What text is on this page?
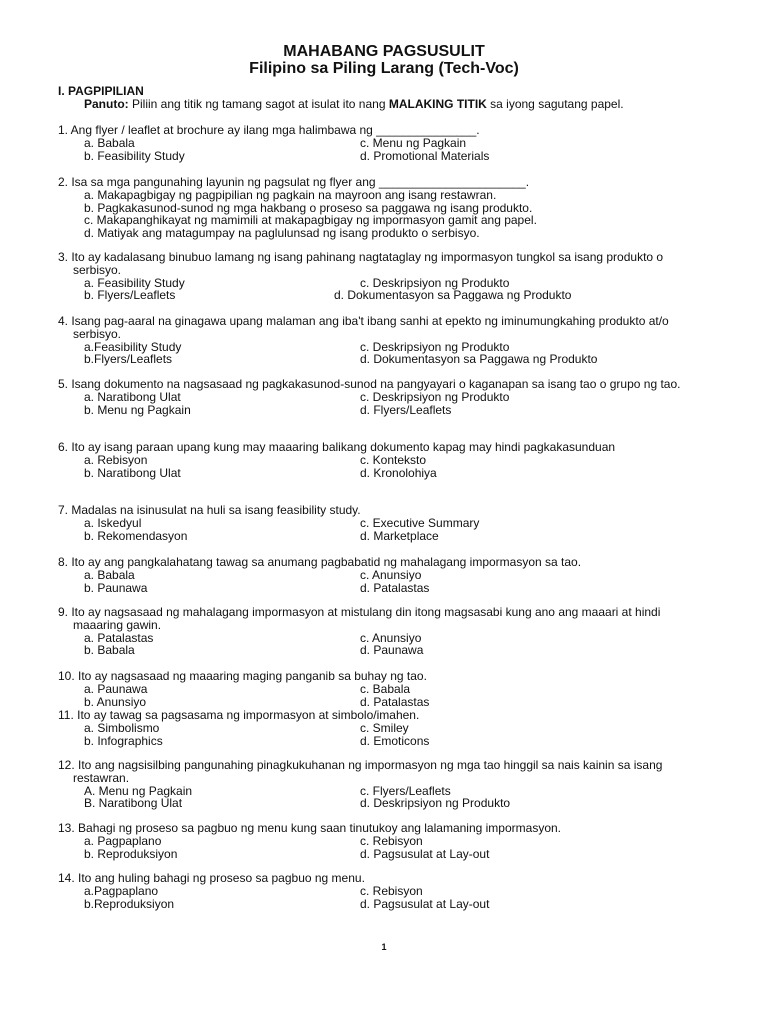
MAHABANG PAGSUSULIT
Filipino sa Piling Larang (Tech-Voc)
I. PAGPIPILIAN
Panuto: Piliin ang titik ng tamang sagot at isulat ito nang MALAKING TITIK sa iyong sagutang papel.
1. Ang flyer / leaflet at brochure ay ilang mga halimbawa ng _______________.
a. Babala	c. Menu ng Pagkain
b. Feasibility Study	d. Promotional Materials
2. Isa sa mga pangunahing layunin ng pagsulat ng flyer ang ______________________.
a. Makapagbigay ng pagpipilian ng pagkain na mayroon ang isang restawran.
b. Pagkakasunod-sunod ng mga hakbang o proseso sa paggawa ng isang produkto.
c. Makapanghikayat ng mamimili at makapagbigay ng impormasyon gamit ang papel.
d. Matiyak ang matagumpay na paglulunsad ng isang produkto o serbisyo.
3. Ito ay kadalasang binubuo lamang ng isang pahinang nagtataglay ng impormasyon tungkol sa isang produkto o serbisyo.
a. Feasibility Study	c. Deskripsiyon ng Produkto
b. Flyers/Leaflets	d. Dokumentasyon sa Paggawa ng Produkto
4. Isang pag-aaral na ginagawa upang malaman ang iba't ibang sanhi at epekto ng iminumungkahing produkto at/o serbisyo.
a.Feasibility Study	c. Deskripsiyon ng Produkto
b.Flyers/Leaflets	d. Dokumentasyon sa Paggawa ng Produkto
5. Isang dokumento na nagsasaad ng pagkakasunod-sunod na pangyayari o kaganapan sa isang tao o grupo ng tao.
a. Naratibong Ulat	c. Deskripsiyon ng Produkto
b. Menu ng Pagkain	d. Flyers/Leaflets
6. Ito ay isang paraan upang kung may maaaring balikang dokumento kapag may hindi pagkakasunduan
a. Rebisyon	c. Konteksto
b. Naratibong Ulat	d. Kronolohiya
7. Madalas na isinusulat na huli sa isang feasibility study.
a. Iskedyul	c. Executive Summary
b. Rekomendasyon	d. Marketplace
8. Ito ay ang pangkalahatang tawag sa anumang pagbabatid ng mahalagang impormasyon sa tao.
a. Babala	c. Anunsiyo
b. Paunawa	d. Patalastas
9. Ito ay nagsasaad ng mahalagang impormasyon at mistulang din itong magsasabi kung ano ang maaari at hindi maaaring gawin.
a. Patalastas	c. Anunsiyo
b. Babala	d. Paunawa
10. Ito ay nagsasaad ng maaaring maging panganib sa buhay ng tao.
a. Paunawa	c. Babala
b. Anunsiyo	d. Patalastas
11. Ito ay tawag sa pagsasama ng impormasyon at simbolo/imahen.
a. Simbolismo	c. Smiley
b. Infographics	d. Emoticons
12. Ito ang nagsisilbing pangunahing pinagkukuhanan ng impormasyon ng mga tao hinggil sa nais kainin sa isang restawran.
A. Menu ng Pagkain	c. Flyers/Leaflets
B. Naratibong Ulat	d. Deskripsiyon ng Produkto
13. Bahagi ng proseso sa pagbuo ng menu kung saan tinutukoy ang lalamaning impormasyon.
a. Pagpaplano	c. Rebisyon
b. Reproduksiyon	d. Pagsusulat at Lay-out
14. Ito ang huling bahagi ng proseso sa pagbuo ng menu.
a.Pagpaplano	c. Rebisyon
b.Reproduksiyon	d. Pagsusulat at Lay-out
1
